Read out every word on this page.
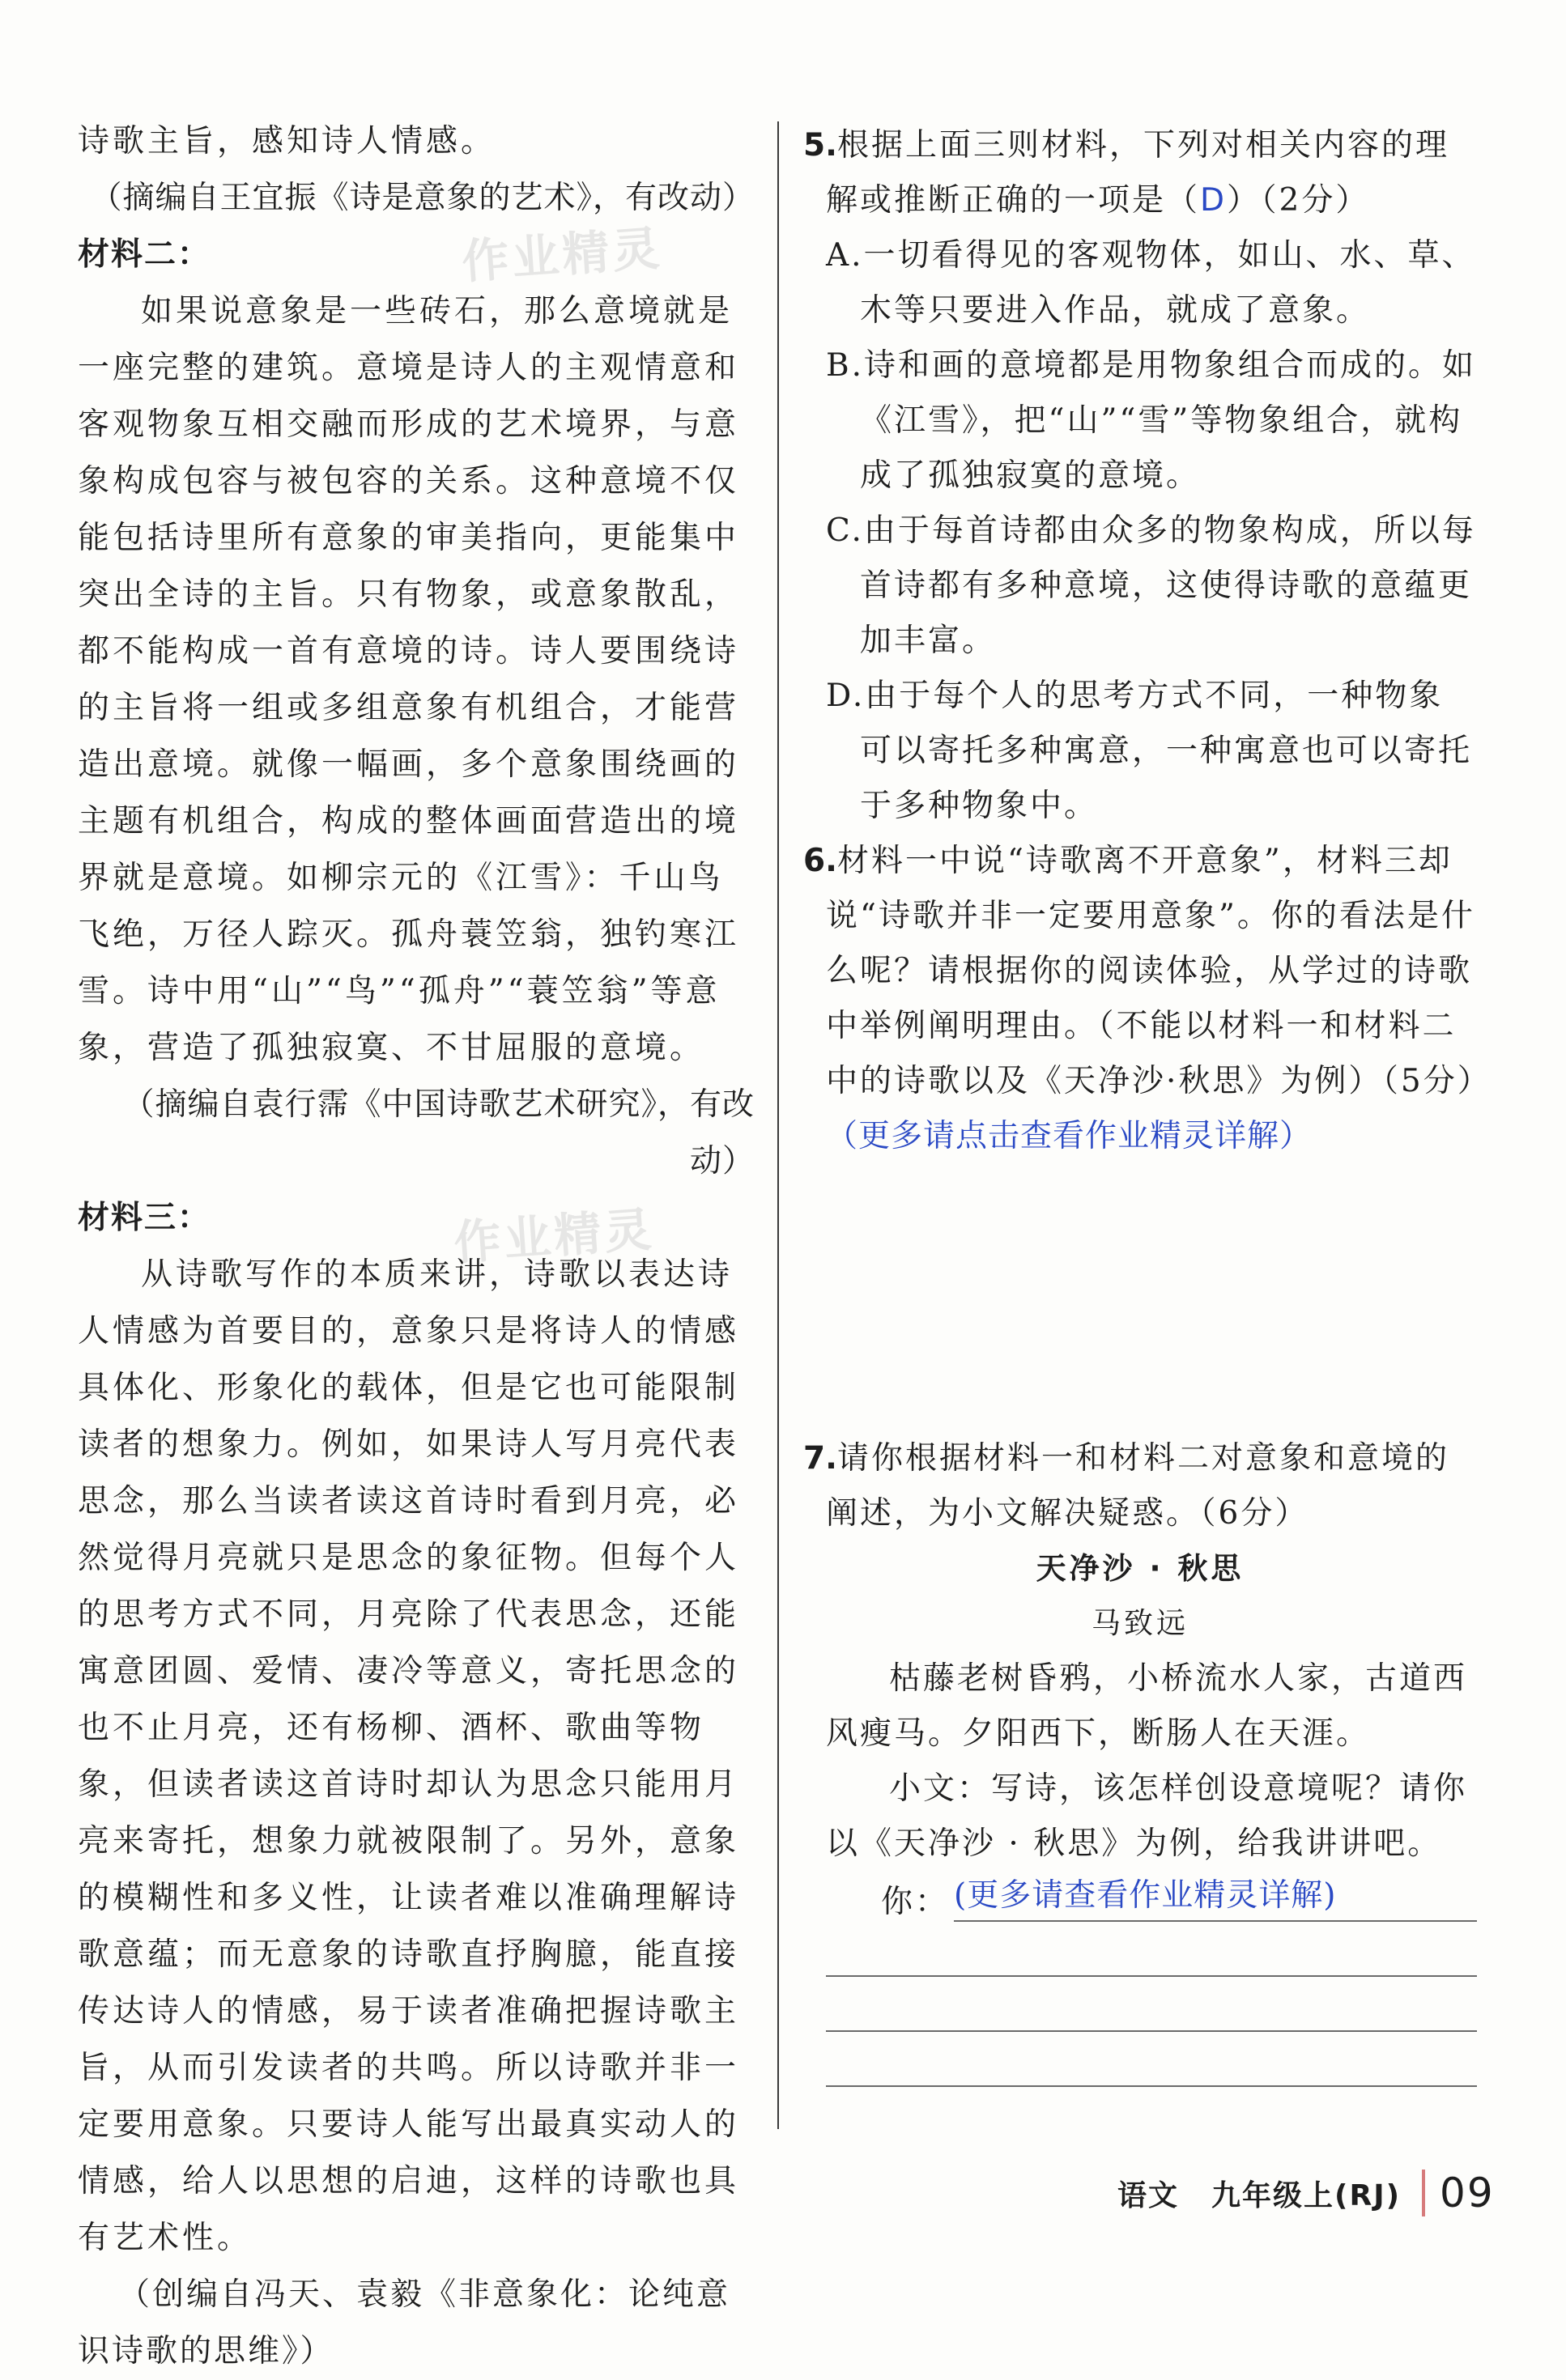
作业精灵
作业精灵

诗歌主旨，感知诗人情感。

（摘编自王宜振《诗是意象的艺术》，有改动）

材料二：

如果说意象是一些砖石，那么意境就是一座完整的建筑。意境是诗人的主观情意和客观物象互相交融而形成的艺术境界，与意象构成包容与被包容的关系。这种意境不仅能包括诗里所有意象的审美指向，更能集中突出全诗的主旨。只有物象，或意象散乱，都不能构成一首有意境的诗。诗人要围绕诗的主旨将一组或多组意象有机组合，才能营造出意境。就像一幅画，多个意象围绕画的主题有机组合，构成的整体画面营造出的境界就是意境。如柳宗元的《江雪》：千山鸟飞绝，万径人踪灭。孤舟蓑笠翁，独钓寒江雪。诗中用“山”“鸟”“孤舟”“蓑笠翁”等意象，营造了孤独寂寞、不甘屈服的意境。

（摘编自袁行霈《中国诗歌艺术研究》，有改动）

材料三：

从诗歌写作的本质来讲，诗歌以表达诗人情感为首要目的，意象只是将诗人的情感具体化、形象化的载体，但是它也可能限制读者的想象力。例如，如果诗人写月亮代表思念，那么当读者读这首诗时看到月亮，必然觉得月亮就只是思念的象征物。但每个人的思考方式不同，月亮除了代表思念，还能寓意团圆、爱情、凄冷等意义，寄托思念的也不止月亮，还有杨柳、酒杯、歌曲等物象，但读者读这首诗时却认为思念只能用月亮来寄托，想象力就被限制了。另外，意象的模糊性和多义性，让读者难以准确理解诗歌意蕴；而无意象的诗歌直抒胸臆，能直接传达诗人的情感，易于读者准确把握诗歌主旨，从而引发读者的共鸣。所以诗歌并非一定要用意象。只要诗人能写出最真实动人的情感，给人以思想的启迪，这样的诗歌也具有艺术性。

（创编自冯天、袁毅《非意象化：论纯意识诗歌的思维》）

5.根据上面三则材料，下列对相关内容的理解或推断正确的一项是（D）（2分）

A.一切看得见的客观物体，如山、水、草、木等只要进入作品，就成了意象。

B.诗和画的意境都是用物象组合而成的。如《江雪》，把“山”“雪”等物象组合，就构成了孤独寂寞的意境。

C.由于每首诗都由众多的物象构成，所以每首诗都有多种意境，这使得诗歌的意蕴更加丰富。

D.由于每个人的思考方式不同，一种物象可以寄托多种寓意，一种寓意也可以寄托于多种物象中。

6.材料一中说“诗歌离不开意象”，材料三却说“诗歌并非一定要用意象”。你的看法是什么呢？请根据你的阅读体验，从学过的诗歌中举例阐明理由。（不能以材料一和材料二中的诗歌以及《天净沙·秋思》为例）（5分）

（更多请点击查看作业精灵详解）

7.请你根据材料一和材料二对意象和意境的阐述，为小文解决疑惑。（6分）

天净沙 · 秋思

马致远

枯藤老树昏鸦，小桥流水人家，古道西风瘦马。夕阳西下，断肠人在天涯。

小文：写诗，该怎样创设意境呢？请你以《天净沙 · 秋思》为例，给我讲讲吧。

你： (更多请查看作业精灵详解)
语文 九年级上(RJ) 09
